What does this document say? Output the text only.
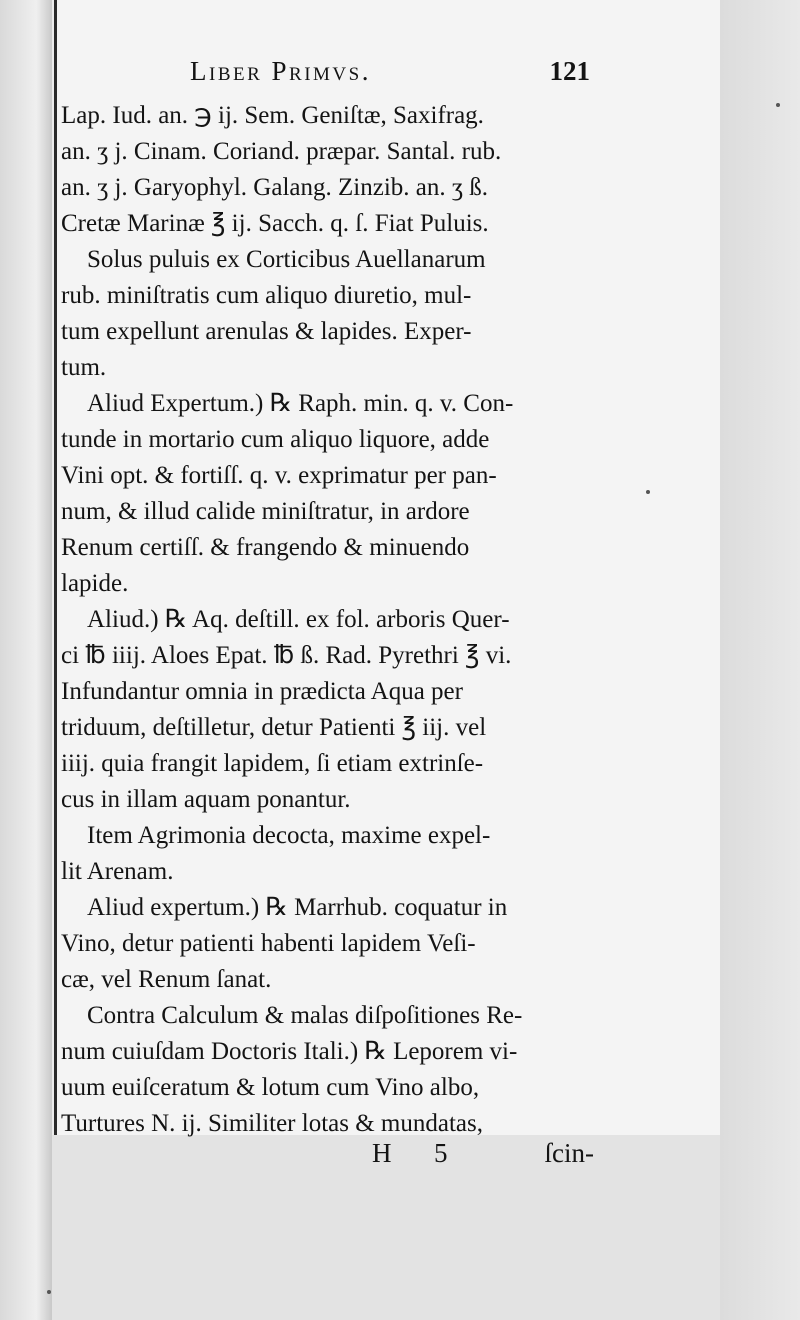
Liber Primvs.	121
Lap. Iud. an. ℈ ij. Sem. Geniſtæ, Saxifrag.
an. ʒ j. Cinam. Coriand. præpar. Santal. rub.
an. ʒ j. Garyophyl. Galang. Zinzib. an. ʒ ß.
Cretæ Marinæ ℥ ij. Sacch. q. ſ. Fiat Puluis.
Solus puluis ex Corticibus Auellanarum
rub. miniſtratis cum aliquo diuretio, mul-
tum expellunt arenulas & lapides. Exper-
tum.
Aliud Expertum.) ℞ Raph. min. q. v. Con-
tunde in mortario cum aliquo liquore, adde
Vini opt. & fortiſſ. q. v. exprimatur per pan-
num, & illud calide miniſtratur, in ardore
Renum certiſſ. & frangendo & minuendo
lapide.
Aliud.) ℞ Aq. deſtill. ex fol. arboris Quer-
ci ℔ iiij. Aloes Epat. ℔ ß. Rad. Pyrethri ℥ vi.
Infundantur omnia in prædicta Aqua per
triduum, deſtilletur, detur Patienti ℥ iij. vel
iiij. quia frangit lapidem, ſi etiam extrinſe-
cus in illam aquam ponantur.
Item Agrimonia decocta, maxime expel-
lit Arenam.
Aliud expertum.) ℞ Marrhub. coquatur in
Vino, detur patienti habenti lapidem Veſi-
cæ, vel Renum ſanat.
Contra Calculum & malas diſpoſitiones Re-
num cuiuſdam Doctoris Itali.) ℞ Leporem vi-
uum euiſceratum & lotum cum Vino albo,
Turtures N. ij. Similiter lotas & mundatas,
H 5	ſcin-
